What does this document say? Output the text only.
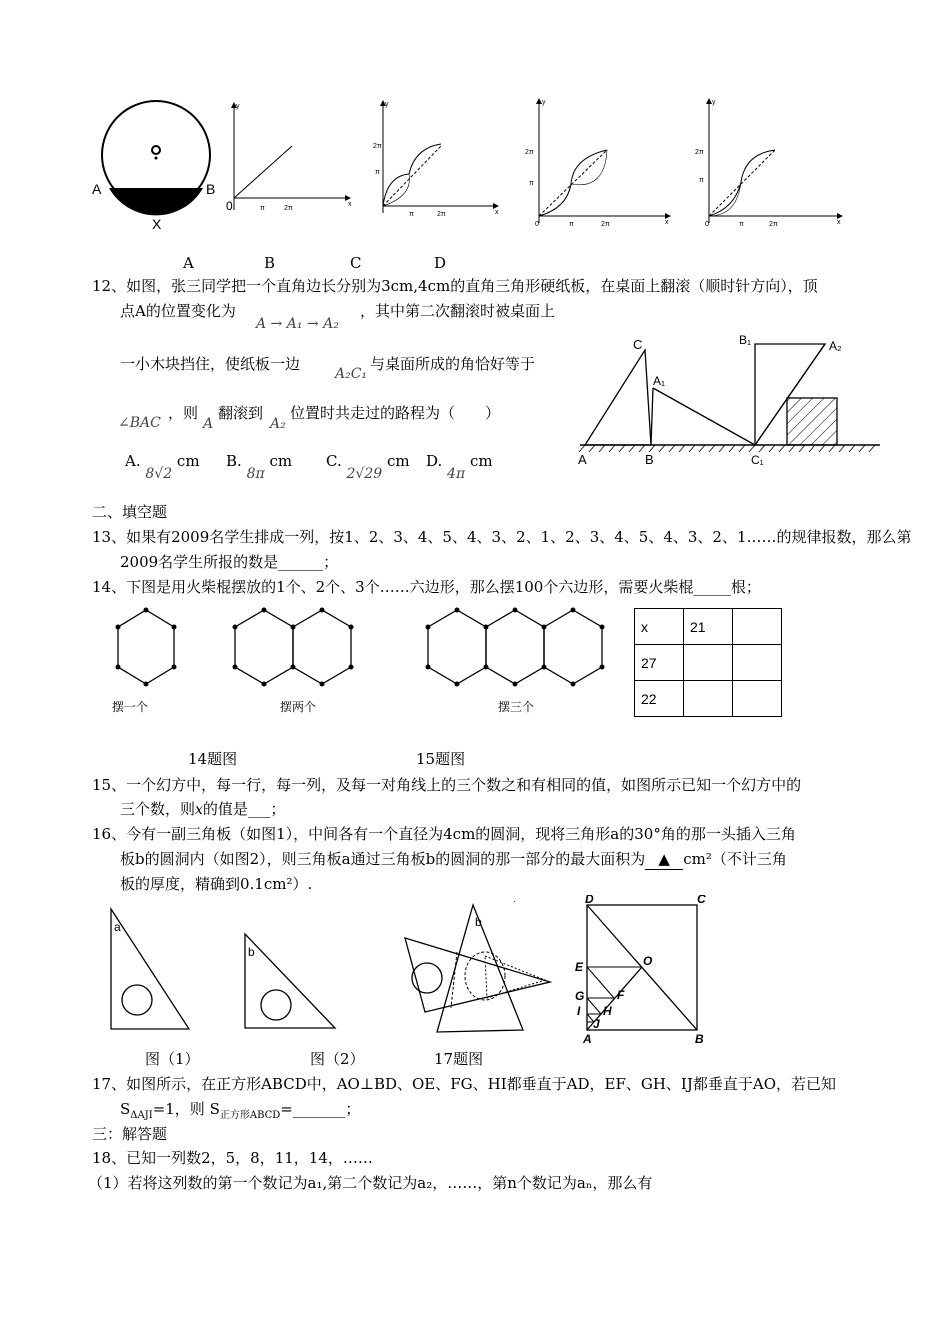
A	B
X
0	π	2π
x
y
2π
π
π	2π	x
y
2π
π
π	2π
0	x
y
2π
π
π	2π
0	x
y
A	B	C	D
12、如图，张三同学把一个直角边长分别为3cm,4cm的直角三角形硬纸板，在桌面上翻滚（顺时针方向），顶
点A的位置变化为	，其中第二次翻滚时被桌面上
A → A₁ → A₂
一小木块挡住，使纸板一边
A₂C₁
与桌面所成的角恰好等于
∠BAC
，则
A
翻滚到
A₂
位置时共走过的路程为（　　）
A. 8√2 cm B. 8π cm C. 2√29 cm D. 4π cm
C
A₁
B₁	A₂
A	B	C₁
二、填空题
13、如果有2009名学生排成一列，按1、2、3、4、5、4、3、2、1、2、3、4、5、4、3、2、1……的规律报数，那么第
2009名学生所报的数是______；
14、下图是用火柴棍摆放的1个、2个、3个……六边形，那么摆100个六边形，需要火柴棍_____根；
摆一个	摆两个	摆三个
x	21	
27		
22		
14题图	15题图
15、一个幻方中，每一行，每一列，及每一对角线上的三个数之和有相同的值，如图所示已知一个幻方中的
三个数，则x的值是___；
16、今有一副三角板（如图1），中间各有一个直径为4cm的圆洞，现将三角形a的30°角的那一头插入三角
板b的圆洞内（如图2），则三角板a通过三角板b的圆洞的那一部分的最大面积为 ▲ cm²（不计三角
板的厚度，精确到0.1cm²）.
a
b
b
·	D	C
E	O
G	F
I H
J
A	B
图（1）	图（2）	17题图
17、如图所示，在正方形ABCD中，AO⊥BD、OE、FG、HI都垂直于AD，EF、GH、IJ都垂直于AO，若已知
$S_{\Delta AJI}=1$，则 $S_{正方形ABCD}=\_\_\_\_\_\_\_$；
三：解答题
18、已知一列数2，5，8，11，14，……
（1）若将这列数的第一个数记为a₁,第二个数记为a₂，……，第n个数记为aₙ，那么有
